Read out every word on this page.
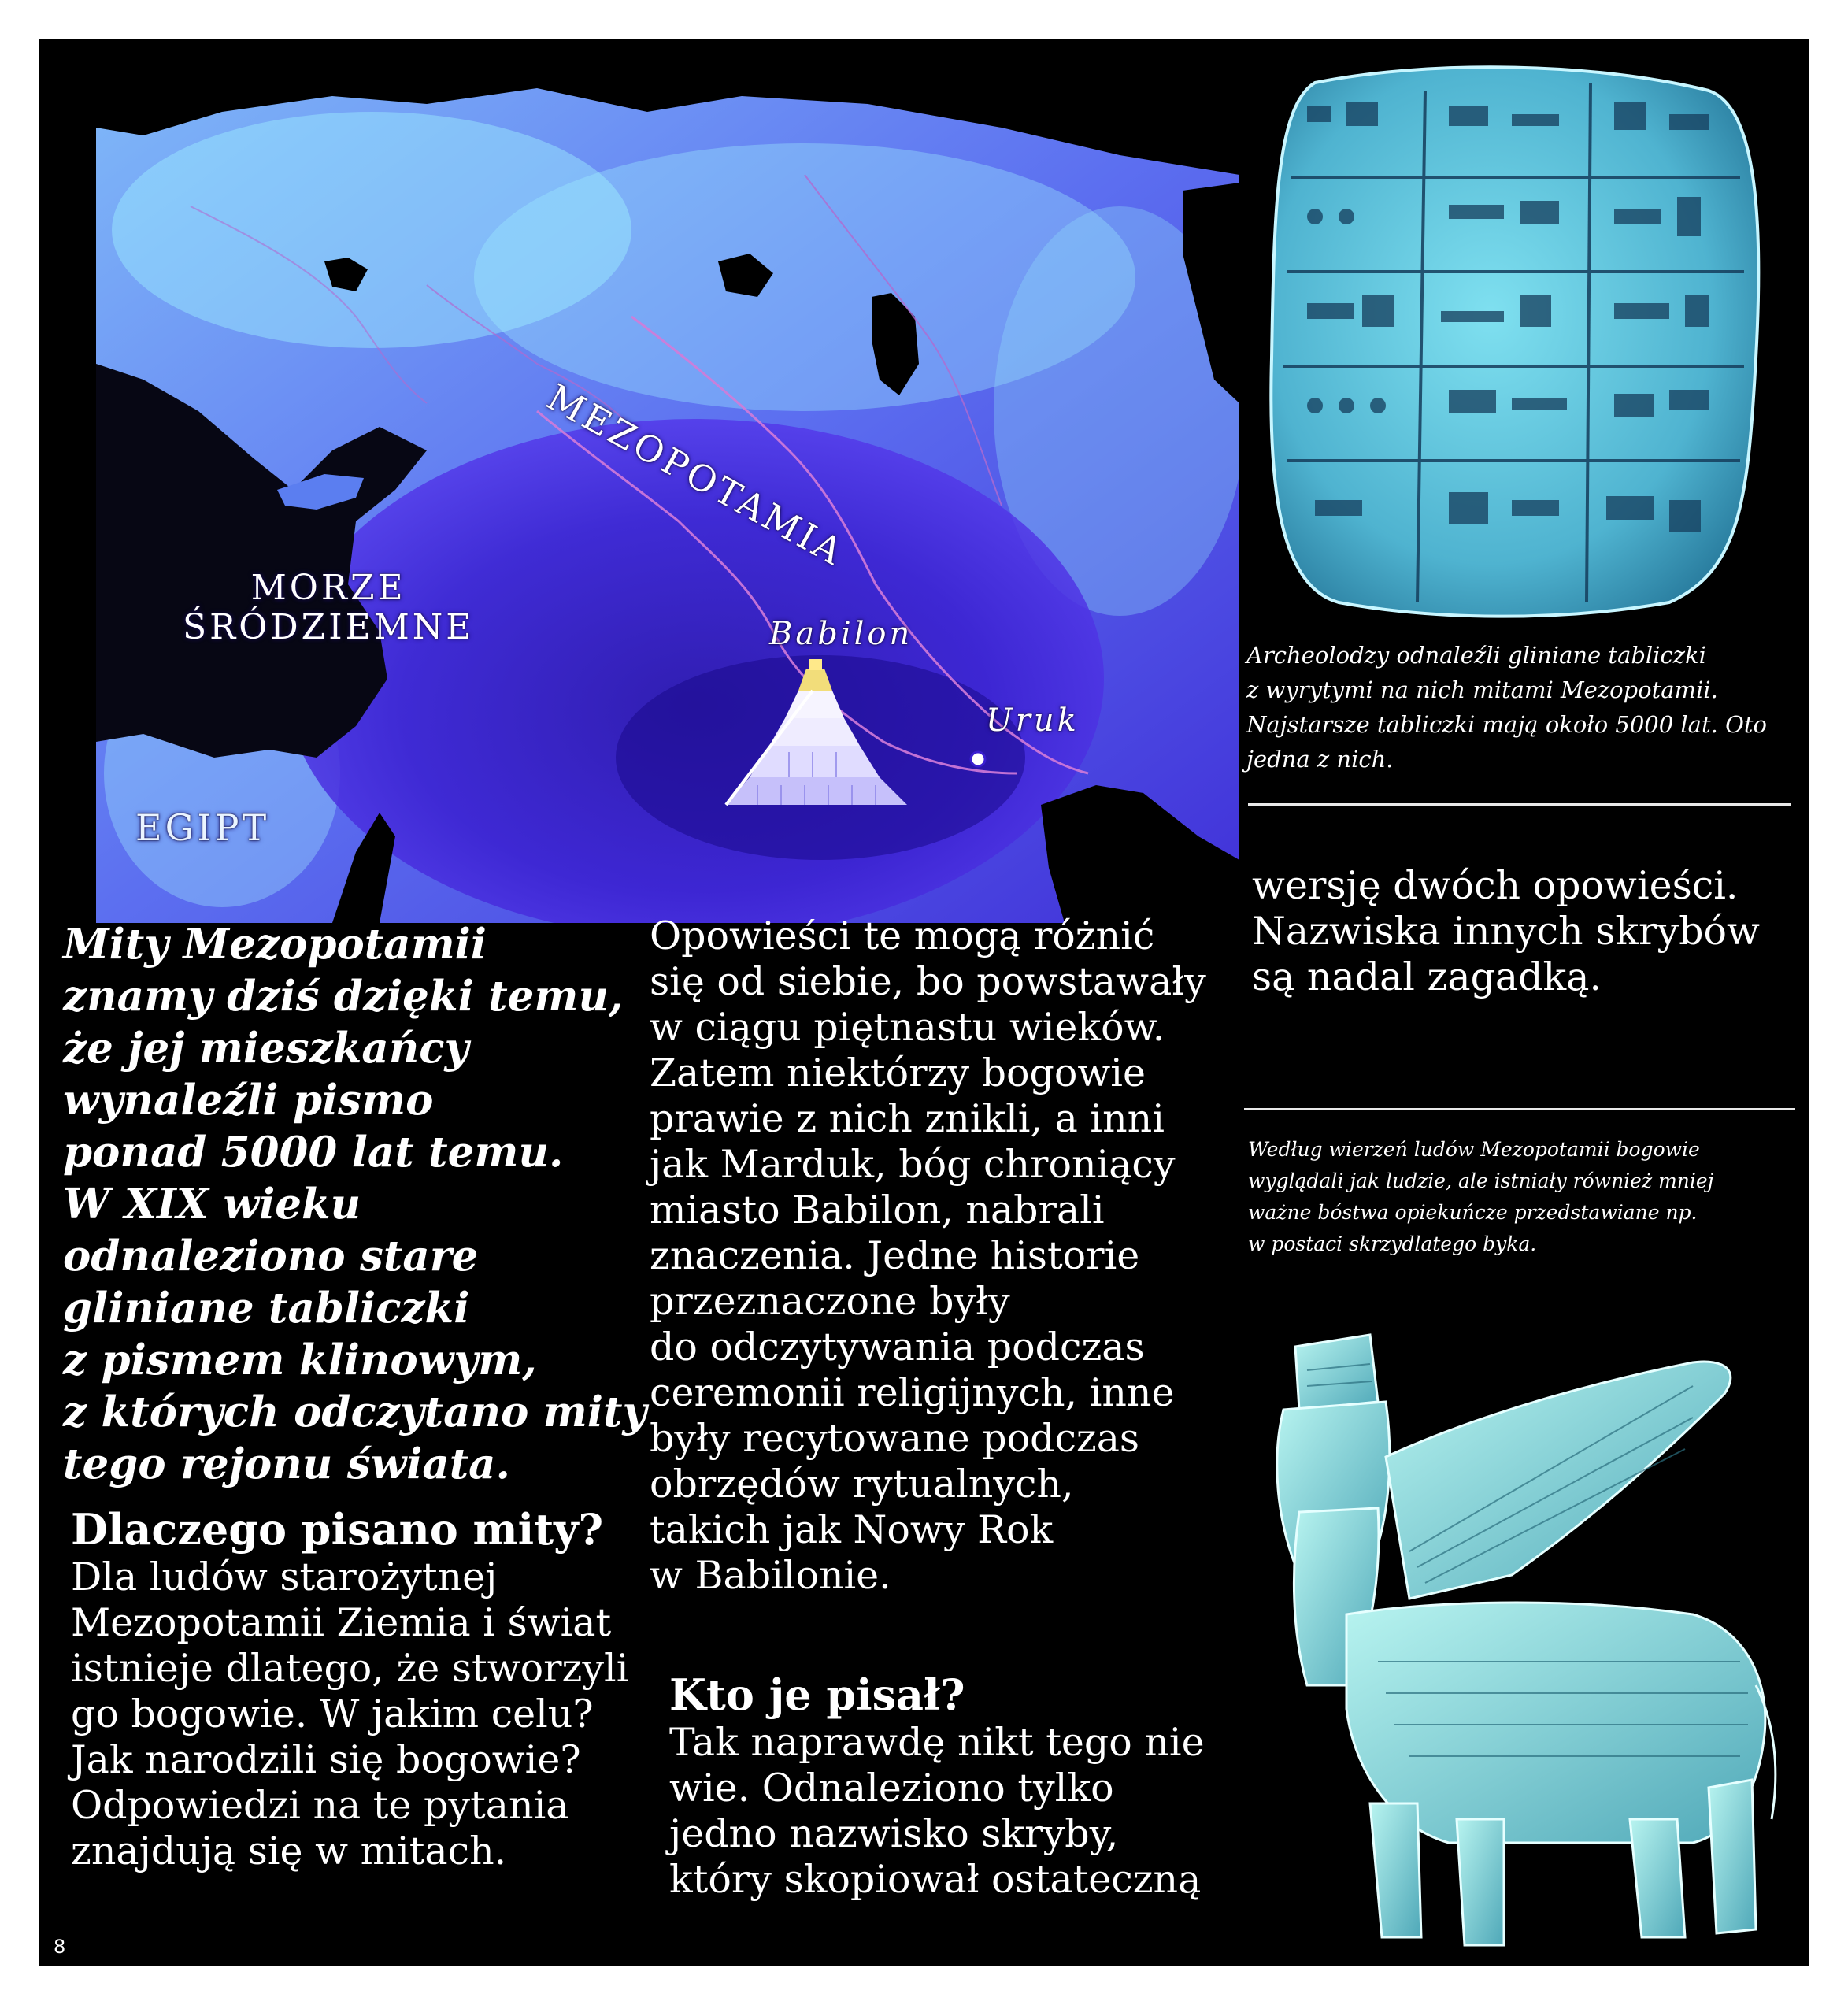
MORZE
ŚRÓDZIEMNE
EGIPT
MEZOPOTAMIA
Babilon
Uruk
Archeolodzy odnaleźli gliniane tabliczki
z wyrytymi na nich mitami Mezopotamii.
Najstarsze tabliczki mają około 5000 lat. Oto
jedna z nich.
Mity Mezopotamii
znamy dziś dzięki temu,
że jej mieszkańcy
wynaleźli pismo
ponad 5000 lat temu.
W XIX wieku
odnaleziono stare
gliniane tabliczki
z pismem klinowym,
z których odczytano mity
tego rejonu świata.
Dlaczego pisano mity?
Dla ludów starożytnej
Mezopotamii Ziemia i świat
istnieje dlatego, że stworzyli
go bogowie. W jakim celu?
Jak narodzili się bogowie?
Odpowiedzi na te pytania
znajdują się w mitach.
Opowieści te mogą różnić
się od siebie, bo powstawały
w ciągu piętnastu wieków.
Zatem niektórzy bogowie
prawie z nich znikli, a inni
jak Marduk, bóg chroniący
miasto Babilon, nabrali
znaczenia. Jedne historie
przeznaczone były
do odczytywania podczas
ceremonii religijnych, inne
były recytowane podczas
obrzędów rytualnych,
takich jak Nowy Rok
w Babilonie.
Kto je pisał?
Tak naprawdę nikt tego nie
wie. Odnaleziono tylko
jedno nazwisko skryby,
który skopiował ostateczną
wersję dwóch opowieści.
Nazwiska innych skrybów
są nadal zagadką.
Według wierzeń ludów Mezopotamii bogowie
wyglądali jak ludzie, ale istniały również mniej
ważne bóstwa opiekuńcze przedstawiane np.
w postaci skrzydlatego byka.
8
